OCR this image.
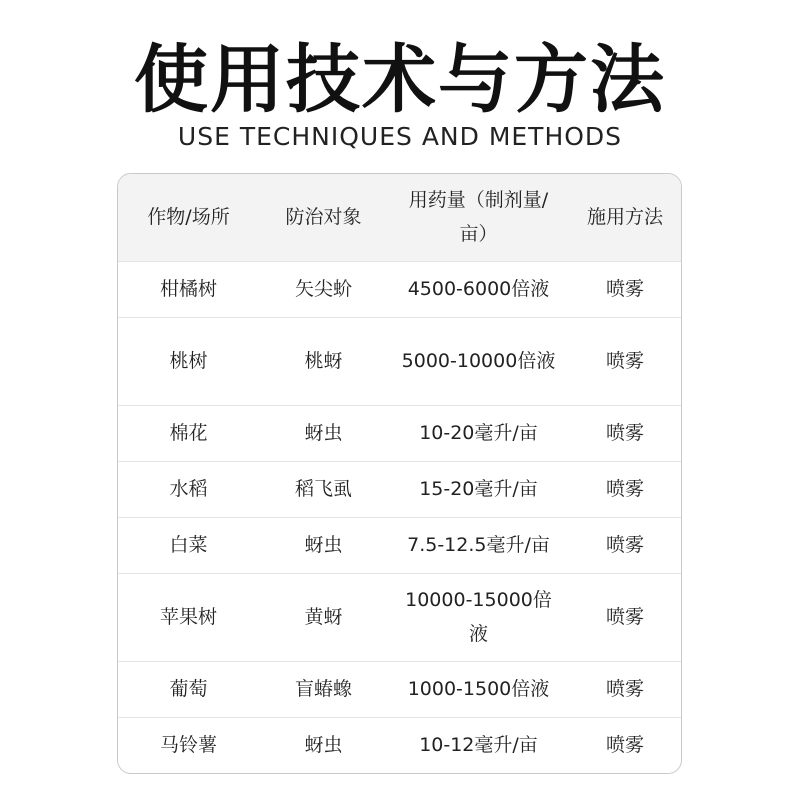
使用技术与方法
USE TECHNIQUES AND METHODS
作物/场所	防治对象	用药量（制剂量/亩）	施用方法
柑橘树	矢尖蚧	4500-6000倍液	喷雾
桃树	桃蚜	5000-10000倍液	喷雾
棉花	蚜虫	10-20毫升/亩	喷雾
水稻	稻飞虱	15-20毫升/亩	喷雾
白菜	蚜虫	7.5-12.5毫升/亩	喷雾
苹果树	黄蚜	10000-15000倍液	喷雾
葡萄	盲蝽蟓	1000-1500倍液	喷雾
马铃薯	蚜虫	10-12毫升/亩	喷雾
